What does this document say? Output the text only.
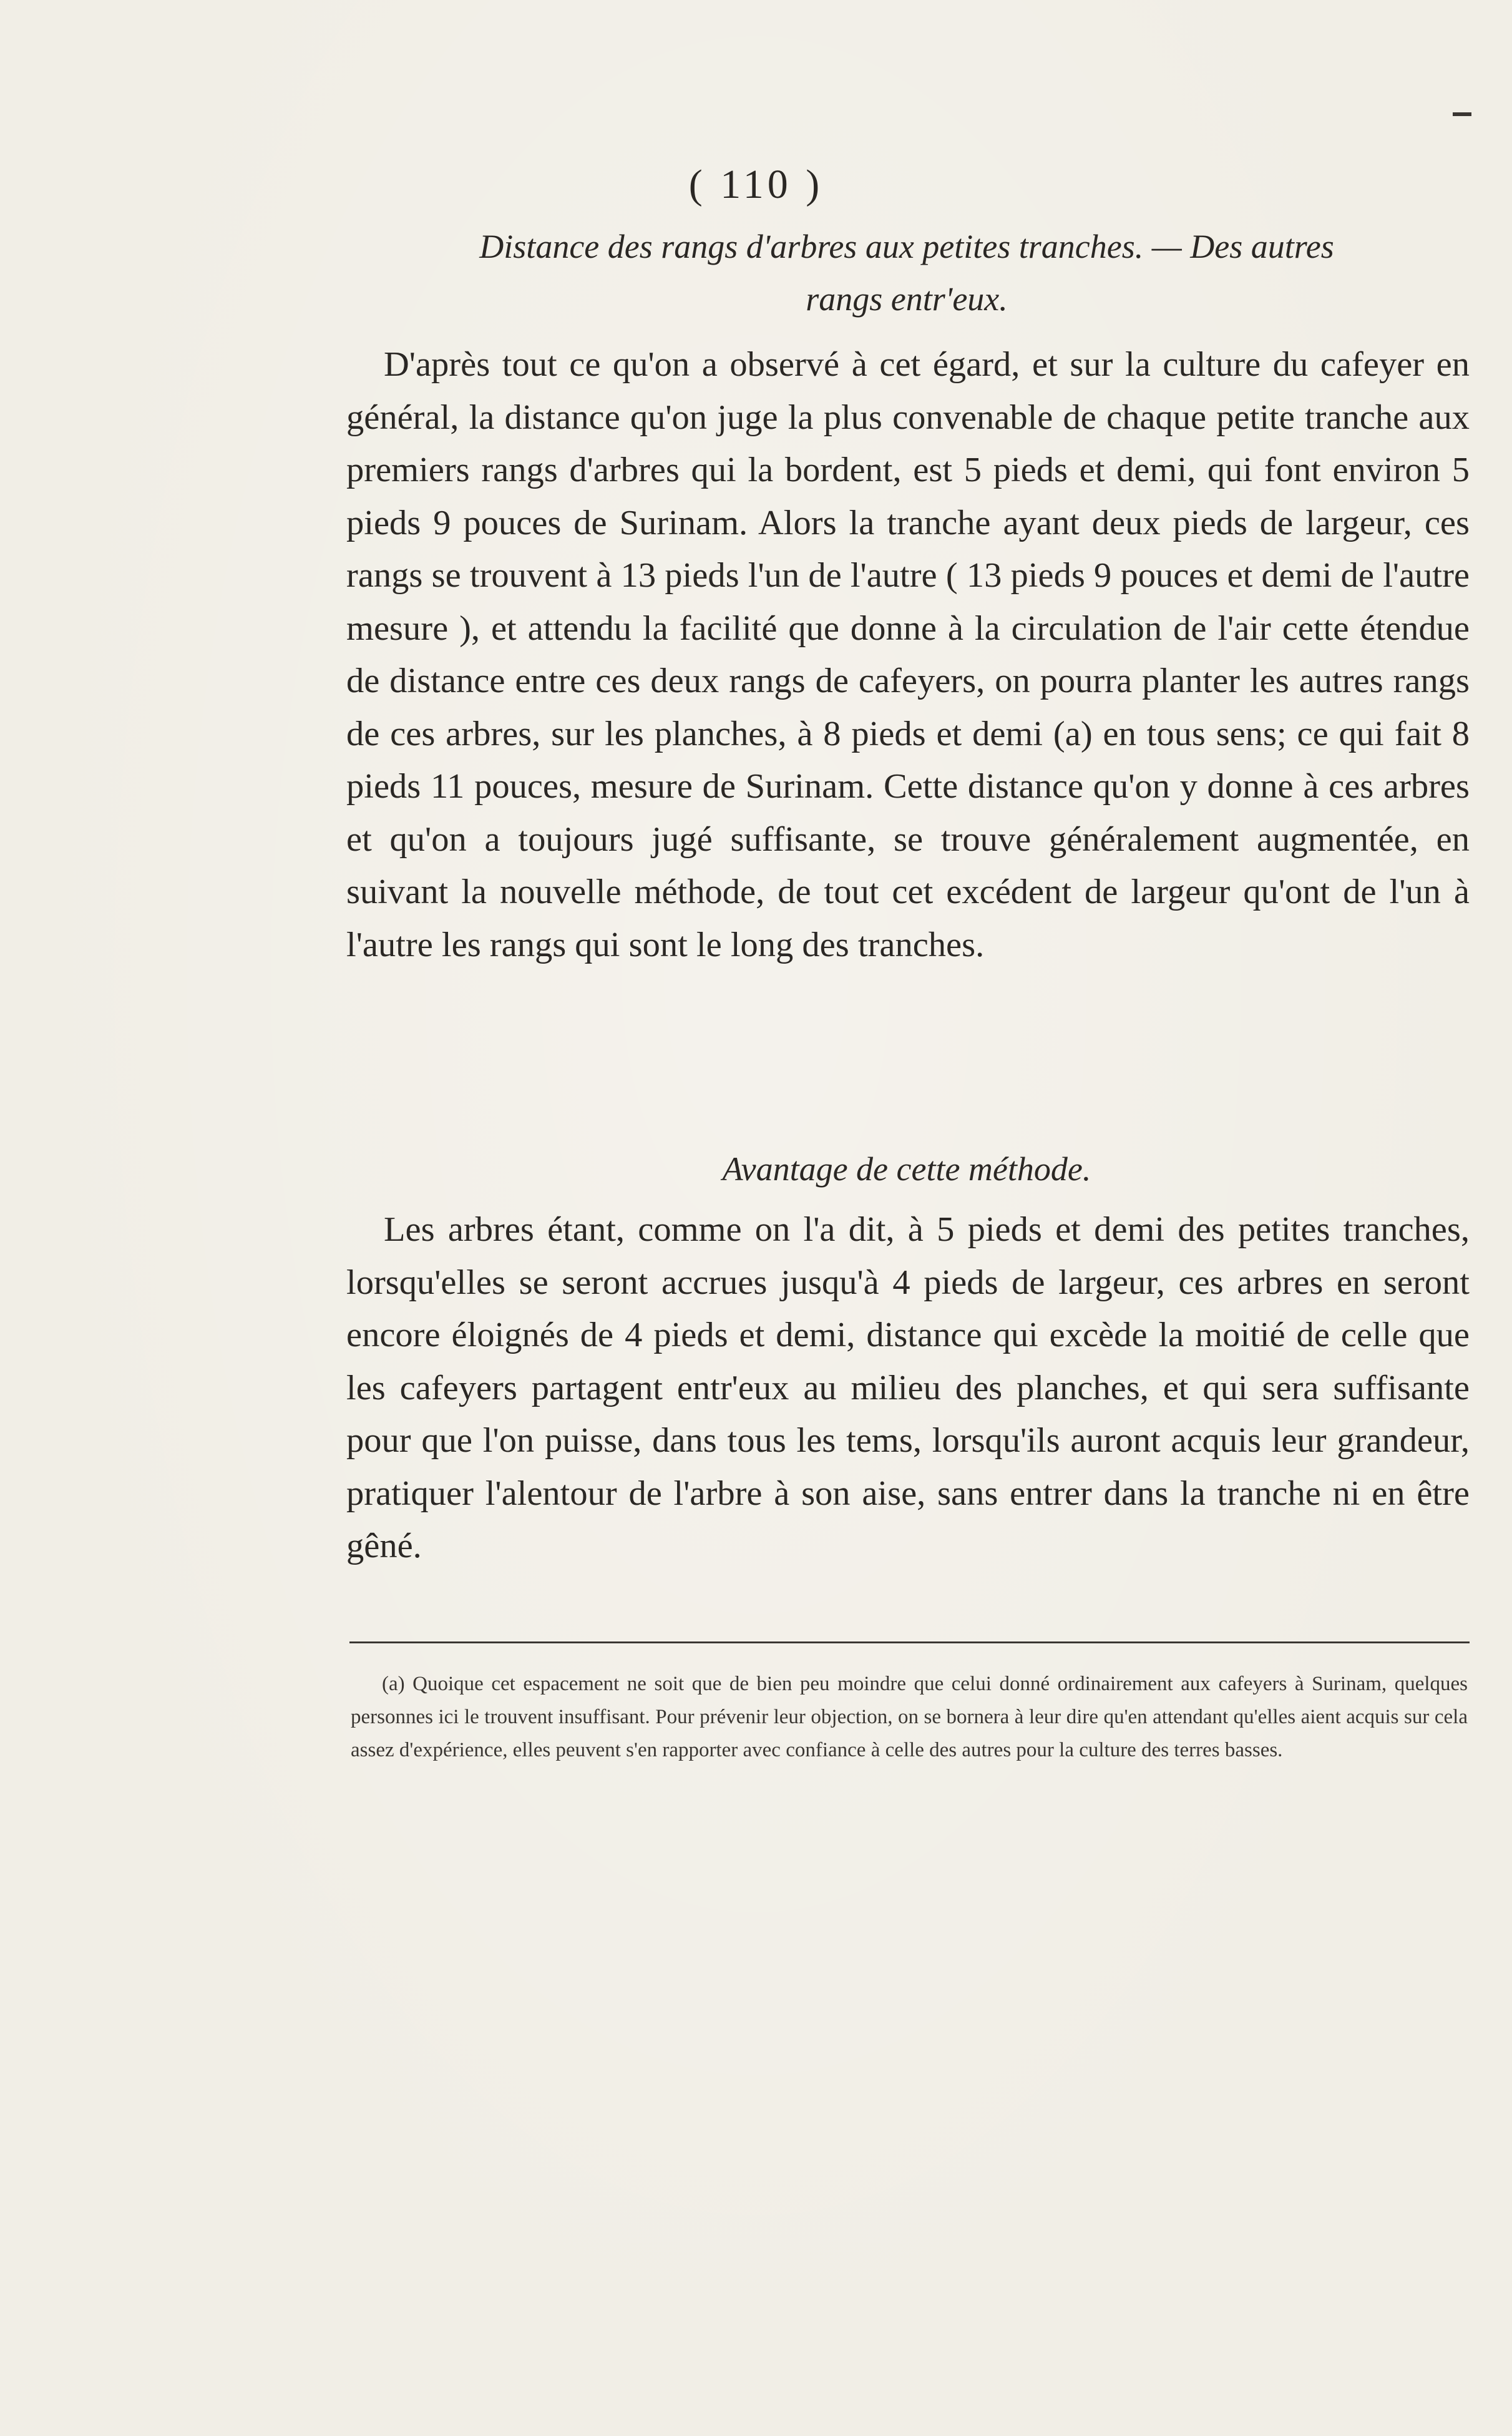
( 110 )
Distance des rangs d'arbres aux petites tranches. — Des autres
rangs entr'eux.

D'après tout ce qu'on a observé à cet égard, et sur la culture du cafeyer en général, la distance qu'on juge la plus convenable de chaque petite tranche aux premiers rangs d'arbres qui la bordent, est 5 pieds et demi, qui font environ 5 pieds 9 pouces de Surinam. Alors la tranche ayant deux pieds de largeur, ces rangs se trouvent à 13 pieds l'un de l'autre ( 13 pieds 9 pouces et demi de l'autre mesure ), et attendu la facilité que donne à la circulation de l'air cette étendue de distance entre ces deux rangs de cafeyers, on pourra planter les autres rangs de ces arbres, sur les planches, à 8 pieds et demi (a) en tous sens; ce qui fait 8 pieds 11 pouces, mesure de Surinam. Cette distance qu'on y donne à ces arbres et qu'on a toujours jugé suffisante, se trouve généralement augmentée, en suivant la nouvelle méthode, de tout cet excédent de largeur qu'ont de l'un à l'autre les rangs qui sont le long des tranches.

Avantage de cette méthode.

Les arbres étant, comme on l'a dit, à 5 pieds et demi des petites tranches, lorsqu'elles se seront accrues jusqu'à 4 pieds de largeur, ces arbres en seront encore éloignés de 4 pieds et demi, distance qui excède la moitié de celle que les cafeyers partagent entr'eux au milieu des planches, et qui sera suffisante pour que l'on puisse, dans tous les tems, lorsqu'ils auront acquis leur grandeur, pratiquer l'alentour de l'arbre à son aise, sans entrer dans la tranche ni en être gêné.

(a) Quoique cet espacement ne soit que de bien peu moindre que celui donné ordinairement aux cafeyers à Surinam, quelques personnes ici le trouvent insuffisant. Pour prévenir leur objection, on se bornera à leur dire qu'en attendant qu'elles aient acquis sur cela assez d'expérience, elles peuvent s'en rapporter avec confiance à celle des autres pour la culture des terres basses.
